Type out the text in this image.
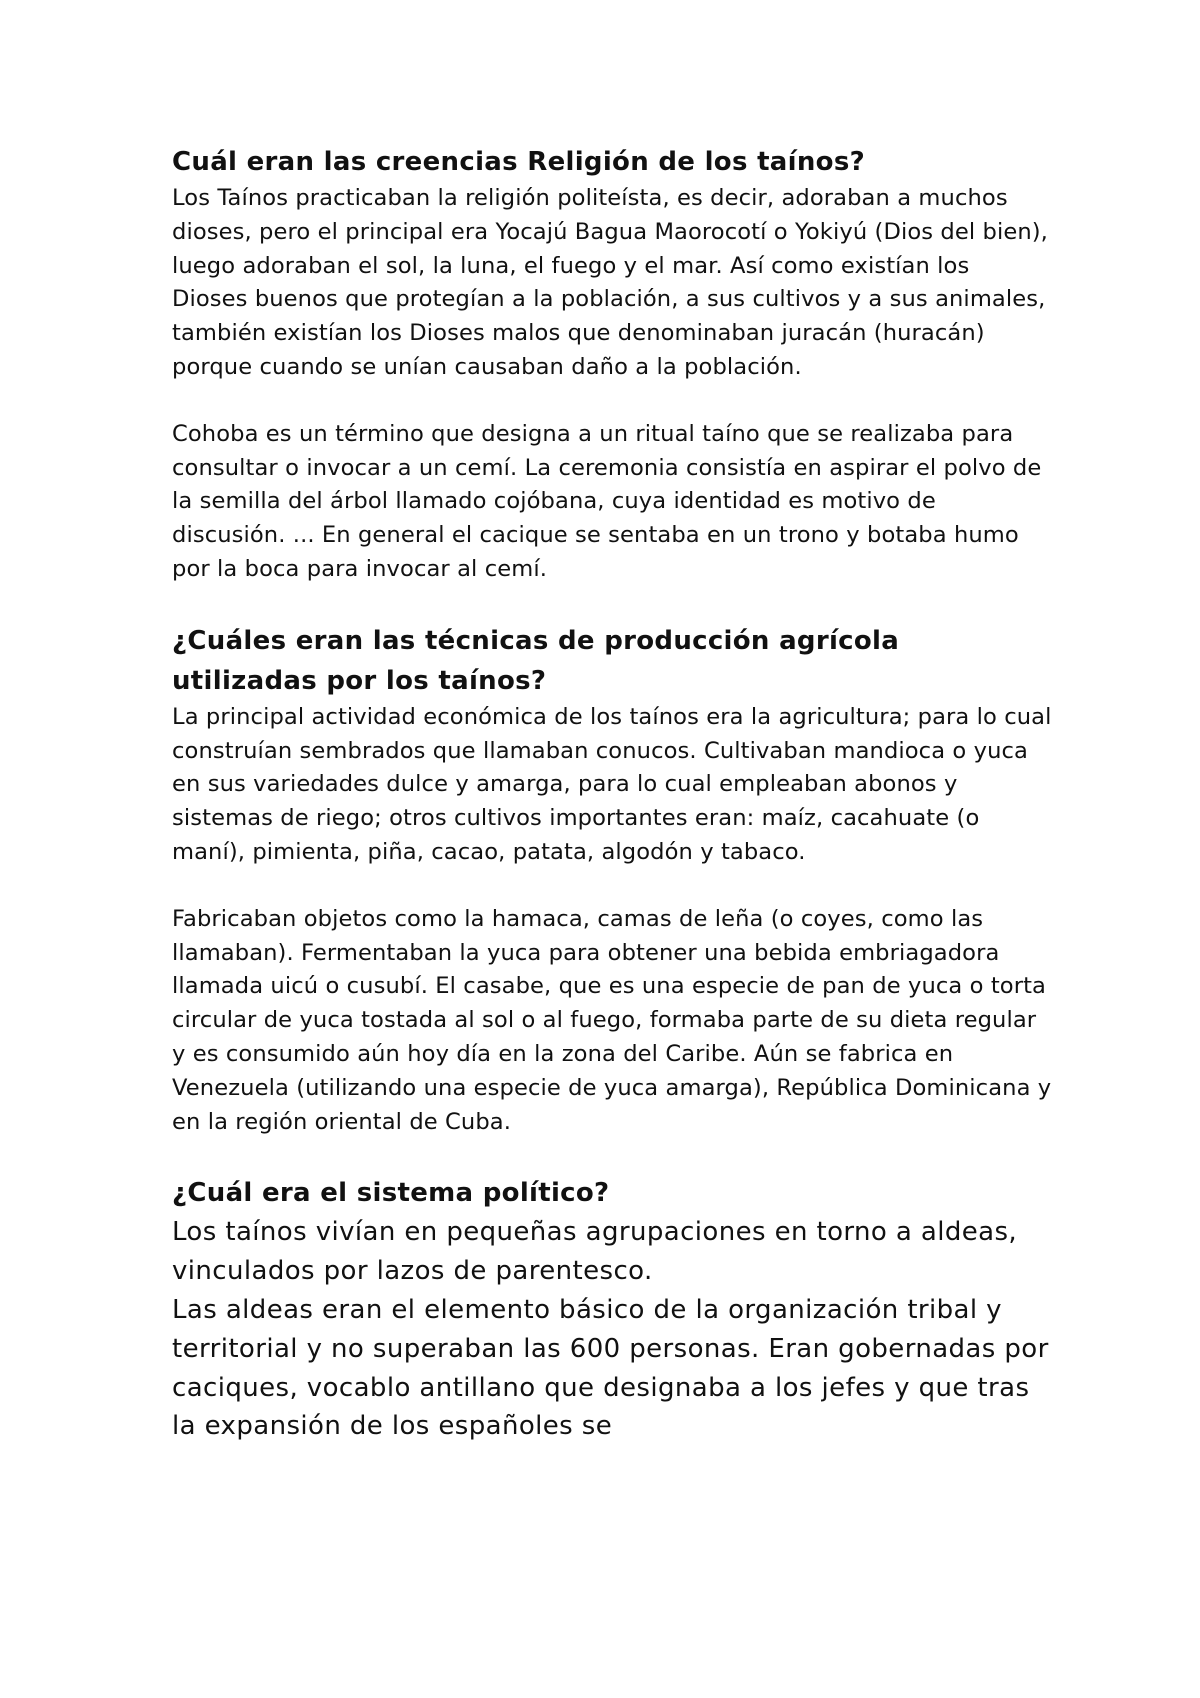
Cuál eran las creencias Religión de los taínos?

Los Taínos practicaban la religión politeísta, es decir, adoraban a muchos dioses, pero el principal era Yocajú Bagua Maorocotí o Yokiyú (Dios del bien), luego adoraban el sol, la luna, el fuego y el mar. Así como existían los Dioses buenos que protegían a la población, a sus cultivos y a sus animales, también existían los Dioses malos que denominaban juracán (huracán) porque cuando se unían causaban daño a la población.

Cohoba es un término que designa a un ritual taíno que se realizaba para consultar o invocar a un cemí. La ceremonia consistía en aspirar el polvo de la semilla del árbol llamado cojóbana, cuya identidad es motivo de discusión. ... En general el cacique se sentaba en un trono y botaba humo por la boca para invocar al cemí.

¿Cuáles eran las técnicas de producción agrícola utilizadas por los taínos?

La principal actividad económica de los taínos era la agricultura; para lo cual construían sembrados que llamaban conucos. Cultivaban mandioca o yuca en sus variedades dulce y amarga, para lo cual empleaban abonos y sistemas de riego; otros cultivos importantes eran: maíz, cacahuate (o maní), pimienta, piña, cacao, patata, algodón y tabaco.

Fabricaban objetos como la hamaca, camas de leña (o coyes, como las llamaban). Fermentaban la yuca para obtener una bebida embriagadora llamada uicú o cusubí. El casabe, que es una especie de pan de yuca o torta circular de yuca tostada al sol o al fuego, formaba parte de su dieta regular y es consumido aún hoy día en la zona del Caribe. Aún se fabrica en Venezuela (utilizando una especie de yuca amarga), República Dominicana y en la región oriental de Cuba.

¿Cuál era el sistema político?

Los taínos vivían en pequeñas agrupaciones en torno a aldeas, vinculados por lazos de parentesco.

Las aldeas eran el elemento básico de la organización tribal y territorial y no superaban las 600 personas. Eran gobernadas por caciques, vocablo antillano que designaba a los jefes y que tras la expansión de los españoles se
